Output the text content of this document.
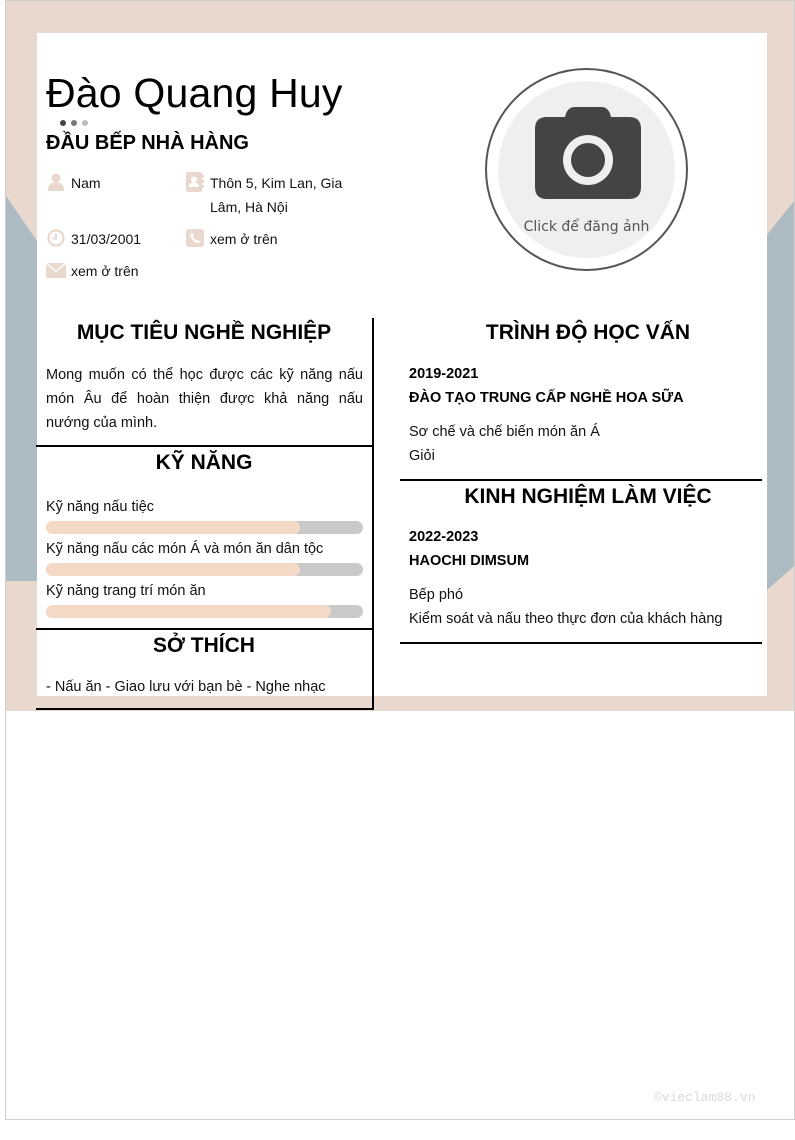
Đào Quang Huy
ĐẦU BẾP NHÀ HÀNG
Nam	Thôn 5, Kim Lan, Gia
Lâm, Hà Nội
31/03/2001	xem ở trên
xem ở trên
Click để đăng ảnh
MỤC TIÊU NGHỀ NGHIỆP
Mong muốn có thể học được các kỹ năng nấu món Âu để hoàn thiện được khả năng nấu nướng của mình.
KỸ NĂNG
Kỹ năng nấu tiệc
Kỹ năng nấu các món Á và món ăn dân tộc
Kỹ năng trang trí món ăn
SỞ THÍCH
- Nấu ăn - Giao lưu với bạn bè - Nghe nhạc
TRÌNH ĐỘ HỌC VẤN
2019-2021
ĐÀO TẠO TRUNG CẤP NGHỀ HOA SỮA
Sơ chế và chế biến món ăn Á
Giỏi
KINH NGHIỆM LÀM VIỆC
2022-2023
HAOCHI DIMSUM
Bếp phó
Kiểm soát và nấu theo thực đơn của khách hàng
©vieclam88.vn
